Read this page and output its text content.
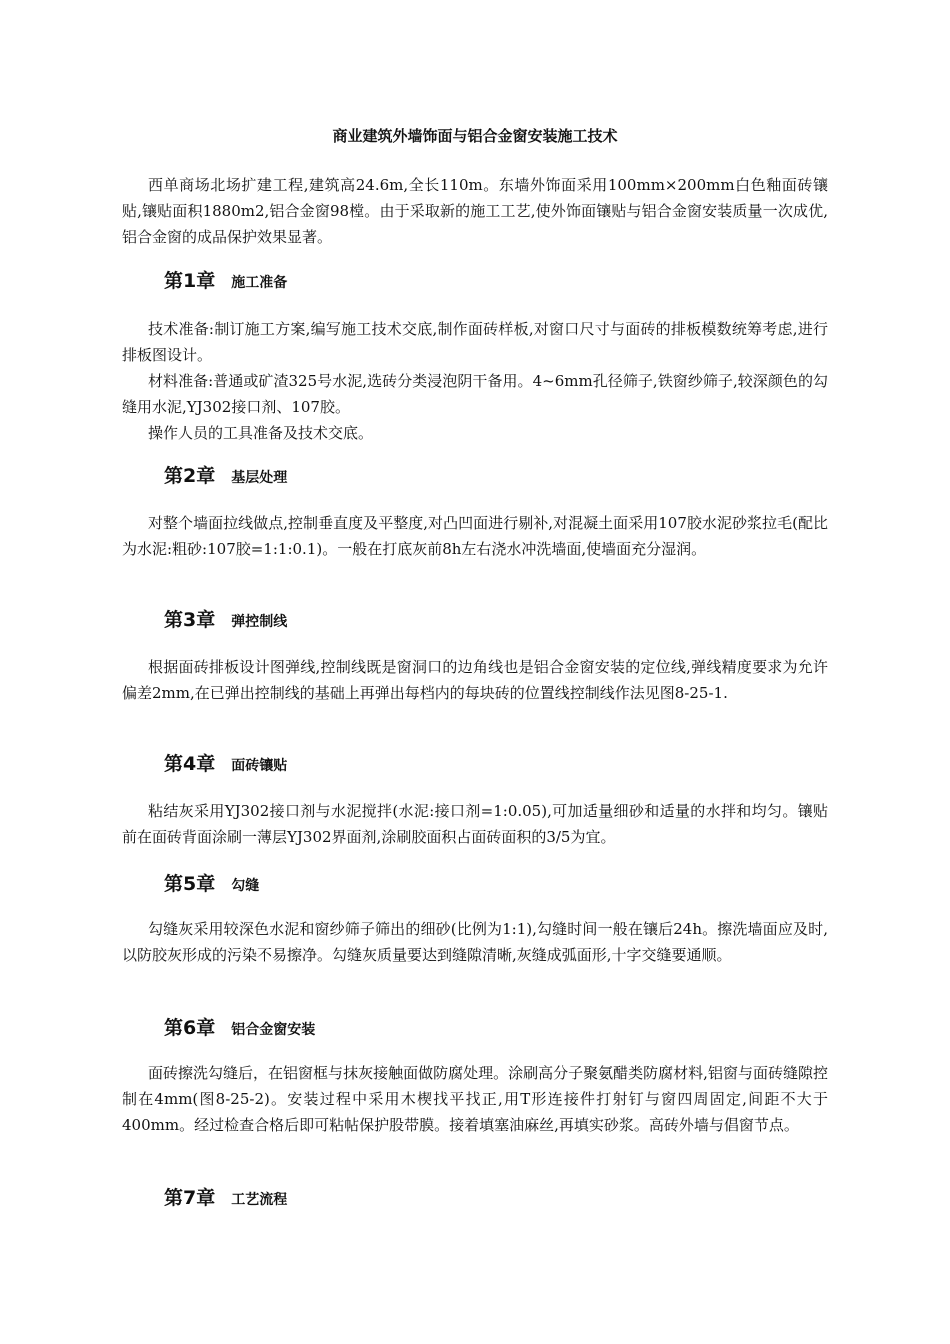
商业建筑外墙饰面与铝合金窗安装施工技术

西单商场北场扩建工程,建筑高24.6m,全长110m。东墙外饰面采用100mm×200mm白色釉面砖镶贴,镶贴面积1880m2,铝合金窗98樘。由于采取新的施工工艺,使外饰面镶贴与铝合金窗安装质量一次成优,铝合金窗的成品保护效果显著。

第1章 施工准备

技术准备:制订施工方案,编写施工技术交底,制作面砖样板,对窗口尺寸与面砖的排板模数统筹考虑,进行排板图设计。

材料准备:普通或矿渣325号水泥,选砖分类浸泡阴干备用。4~6mm孔径筛子,铁窗纱筛子,较深颜色的勾缝用水泥,YJ302接口剂、107胶。

操作人员的工具准备及技术交底。

第2章 基层处理

对整个墙面拉线做点,控制垂直度及平整度,对凸凹面进行剔补,对混凝土面采用107胶水泥砂浆拉毛(配比为水泥:粗砂:107胶=1:1:0.1)。一般在打底灰前8h左右浇水冲洗墙面,使墙面充分湿润。

第3章 弹控制线

根据面砖排板设计图弹线,控制线既是窗洞口的边角线也是铝合金窗安装的定位线,弹线精度要求为允许偏差2mm,在已弹出控制线的基础上再弹出每档内的每块砖的位置线控制线作法见图8-25-1.

第4章 面砖镶贴

粘结灰采用YJ302接口剂与水泥搅拌(水泥:接口剂=1:0.05),可加适量细砂和适量的水拌和均匀。镶贴前在面砖背面涂刷一薄层YJ302界面剂,涂刷胶面积占面砖面积的3/5为宜。

第5章 勾缝

勾缝灰采用较深色水泥和窗纱筛子筛出的细砂(比例为1:1),勾缝时间一般在镶后24h。擦洗墙面应及时,以防胶灰形成的污染不易擦净。勾缝灰质量要达到缝隙清晰,灰缝成弧面形,十字交缝要通顺。

第6章 铝合金窗安装

面砖擦洗勾缝后，在铝窗框与抹灰接触面做防腐处理。涂刷高分子聚氨醋类防腐材料,铝窗与面砖缝隙控制在4mm(图8-25-2)。安装过程中采用木楔找平找正,用T形连接件打射钉与窗四周固定,间距不大于400mm。经过检查合格后即可粘帖保护股带膜。接着填塞油麻丝,再填实砂浆。高砖外墙与倡窗节点。

第7章 工艺流程
